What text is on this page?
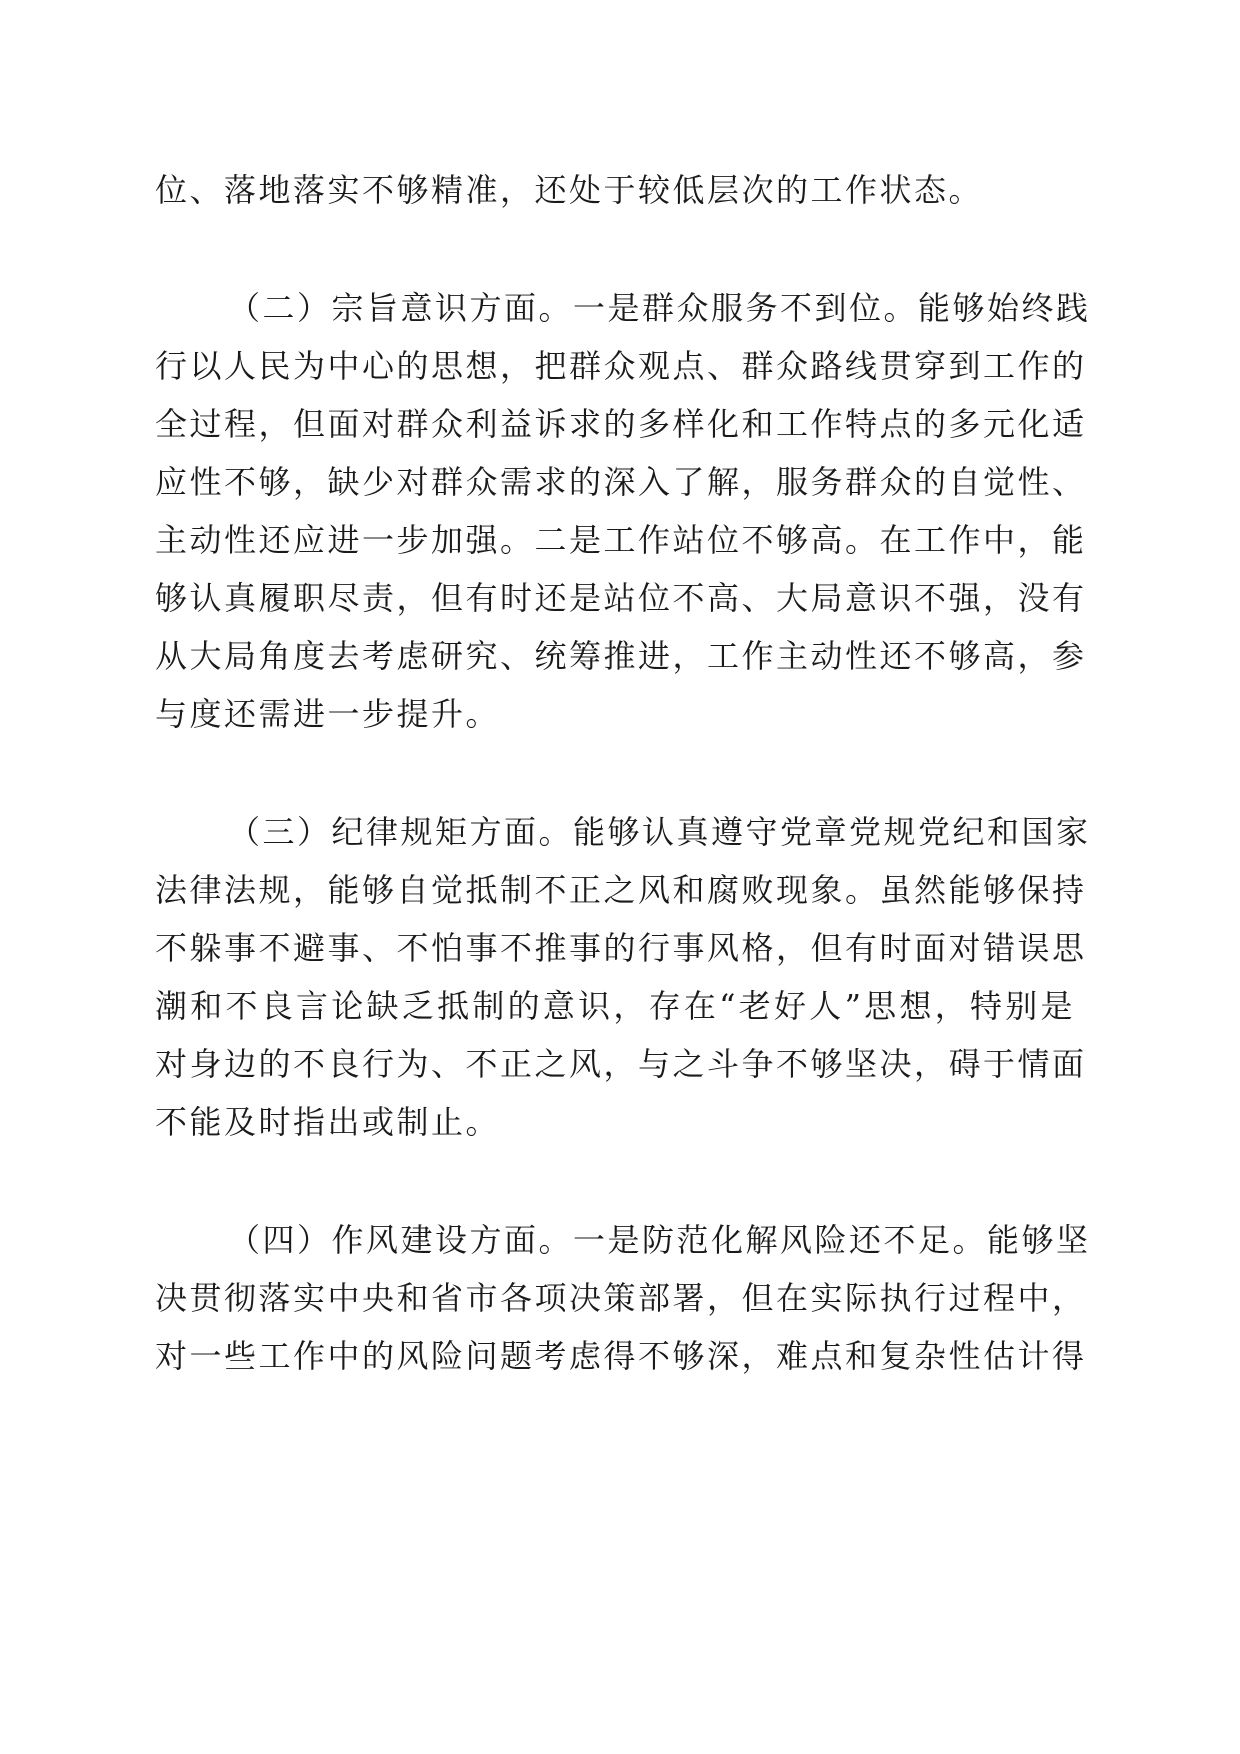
位、落地落实不够精准，还处于较低层次的工作状态。

（二）宗旨意识方面。一是群众服务不到位。能够始终践

行以人民为中心的思想，把群众观点、群众路线贯穿到工作的

全过程，但面对群众利益诉求的多样化和工作特点的多元化适

应性不够，缺少对群众需求的深入了解，服务群众的自觉性、

主动性还应进一步加强。二是工作站位不够高。在工作中，能

够认真履职尽责，但有时还是站位不高、大局意识不强，没有

从大局角度去考虑研究、统筹推进，工作主动性还不够高，参

与度还需进一步提升。

（三）纪律规矩方面。能够认真遵守党章党规党纪和国家

法律法规，能够自觉抵制不正之风和腐败现象。虽然能够保持

不躲事不避事、不怕事不推事的行事风格，但有时面对错误思

潮和不良言论缺乏抵制的意识，存在“老好人”思想，特别是

对身边的不良行为、不正之风，与之斗争不够坚决，碍于情面

不能及时指出或制止。

（四）作风建设方面。一是防范化解风险还不足。能够坚

决贯彻落实中央和省市各项决策部署，但在实际执行过程中，

对一些工作中的风险问题考虑得不够深，难点和复杂性估计得
